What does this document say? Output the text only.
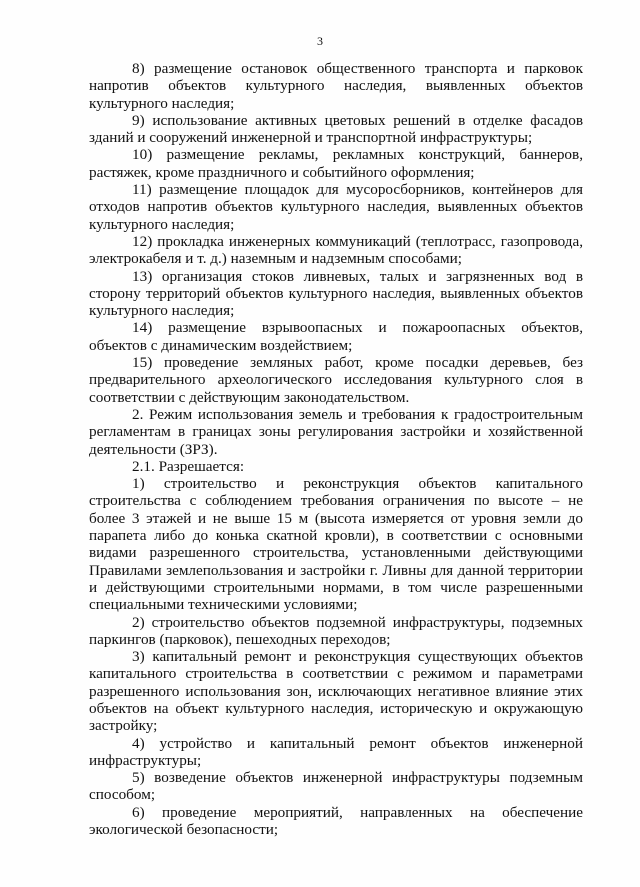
3

8) размещение остановок общественного транспорта и парковок напротив объектов культурного наследия, выявленных объектов культурного наследия;

9) использование активных цветовых решений в отделке фасадов зданий и сооружений инженерной и транспортной инфраструктуры;

10) размещение рекламы, рекламных конструкций, баннеров, растяжек, кроме праздничного и событийного оформления;

11) размещение площадок для мусоросборников, контейнеров для отходов напротив объектов культурного наследия, выявленных объектов культурного наследия;

12) прокладка инженерных коммуникаций (теплотрасс, газопровода, электрокабеля и т. д.) наземным и надземным способами;

13) организация стоков ливневых, талых и загрязненных вод в сторону территорий объектов культурного наследия, выявленных объектов культурного наследия;

14) размещение взрывоопасных и пожароопасных объектов, объектов с динамическим воздействием;

15) проведение земляных работ, кроме посадки деревьев, без предварительного археологического исследования культурного слоя в соответствии с действующим законодательством.

2. Режим использования земель и требования к градостроительным регламентам в границах зоны регулирования застройки и хозяйственной деятельности (ЗРЗ).

2.1. Разрешается:

1) строительство и реконструкция объектов капитального строительства с соблюдением требования ограничения по высоте – не более 3 этажей и не выше 15 м (высота измеряется от уровня земли до парапета либо до конька скатной кровли), в соответствии с основными видами разрешенного строительства, установленными действующими Правилами землепользования и застройки г. Ливны для данной территории и действующими строительными нормами, в том числе разрешенными специальными техническими условиями;

2) строительство объектов подземной инфраструктуры, подземных паркингов (парковок), пешеходных переходов;

3) капитальный ремонт и реконструкция существующих объектов капитального строительства в соответствии с режимом и параметрами разрешенного использования зон, исключающих негативное влияние этих объектов на объект культурного наследия, историческую и окружающую застройку;

4) устройство и капитальный ремонт объектов инженерной инфраструктуры;

5) возведение объектов инженерной инфраструктуры подземным способом;

6) проведение мероприятий, направленных на обеспечение экологической безопасности;
